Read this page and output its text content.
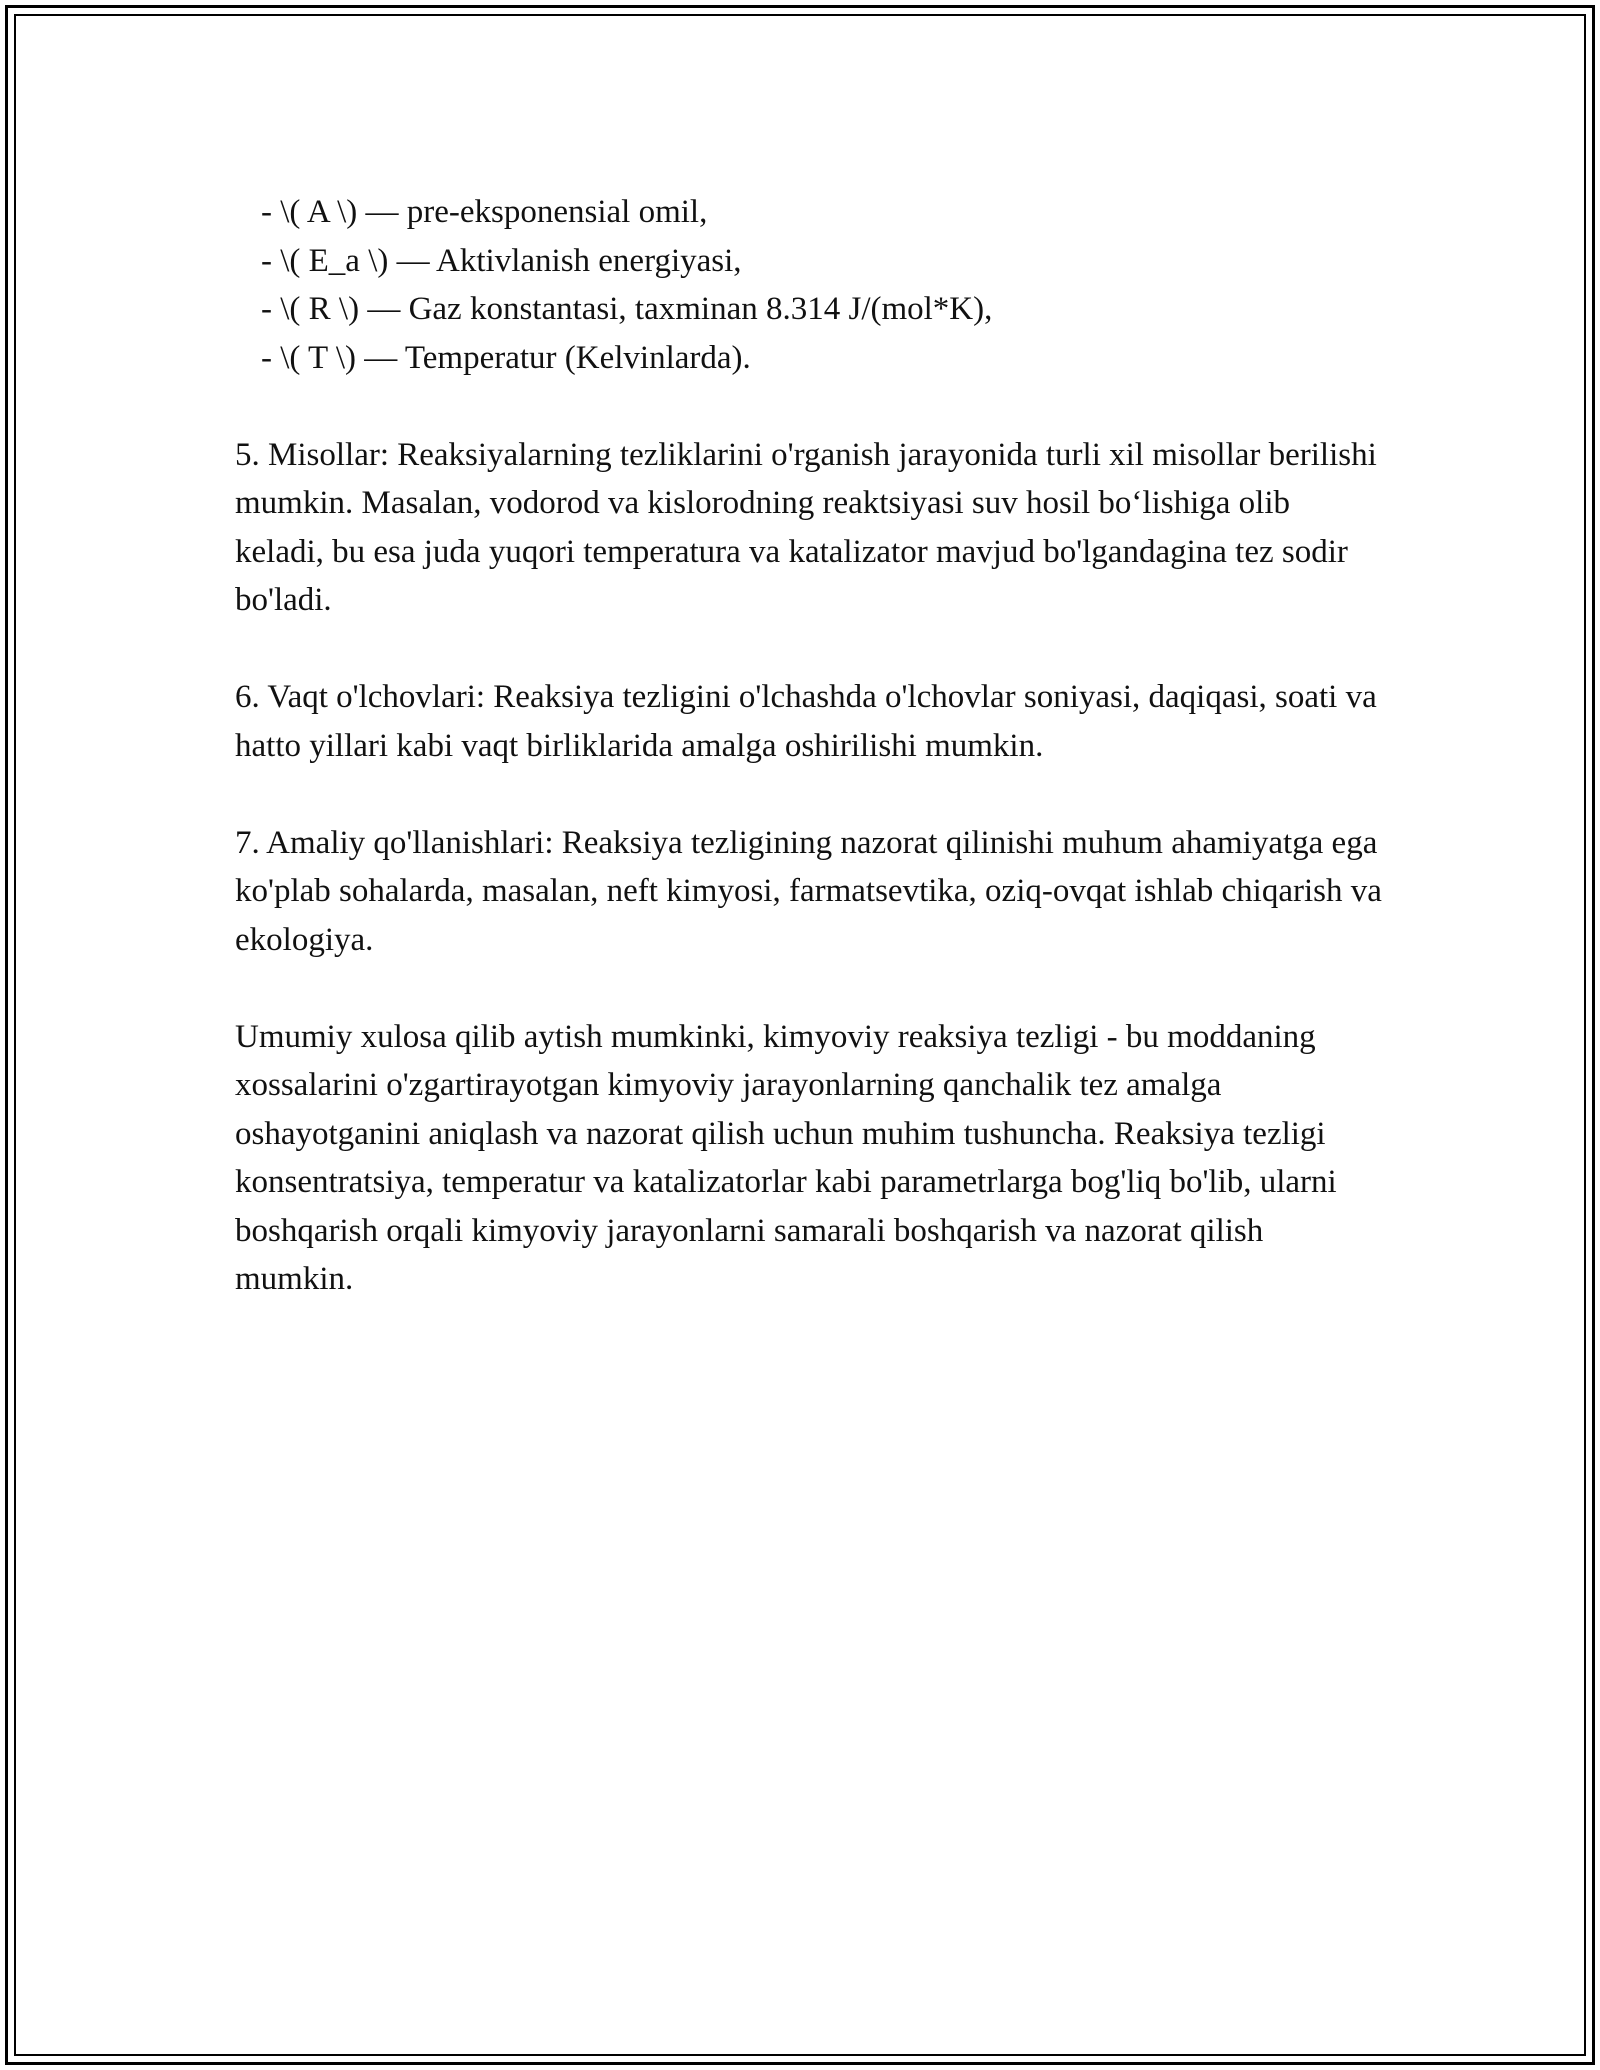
- \( A \) — pre-eksponensial omil,
- \( E_a \) — Aktivlanish energiyasi,
- \( R \) — Gaz konstantasi, taxminan 8.314 J/(mol*K),
- \( T \) — Temperatur (Kelvinlarda).

5. Misollar: Reaksiyalarning tezliklarini o'rganish jarayonida turli xil misollar berilishi mumkin. Masalan, vodorod va kislorodning reaktsiyasi suv hosil bo‘lishiga olib keladi, bu esa juda yuqori temperatura va katalizator mavjud bo'lgandagina tez sodir bo'ladi.

6. Vaqt o'lchovlari: Reaksiya tezligini o'lchashda o'lchovlar soniyasi, daqiqasi, soati va hatto yillari kabi vaqt birliklarida amalga oshirilishi mumkin.

7. Amaliy qo'llanishlari: Reaksiya tezligining nazorat qilinishi muhum ahamiyatga ega ko'plab sohalarda, masalan, neft kimyosi, farmatsevtika, oziq-ovqat ishlab chiqarish va ekologiya.

Umumiy xulosa qilib aytish mumkinki, kimyoviy reaksiya tezligi - bu moddaning xossalarini o'zgartirayotgan kimyoviy jarayonlarning qanchalik tez amalga oshayotganini aniqlash va nazorat qilish uchun muhim tushuncha. Reaksiya tezligi konsentratsiya, temperatur va katalizatorlar kabi parametrlarga bog'liq bo'lib, ularni boshqarish orqali kimyoviy jarayonlarni samarali boshqarish va nazorat qilish mumkin.
